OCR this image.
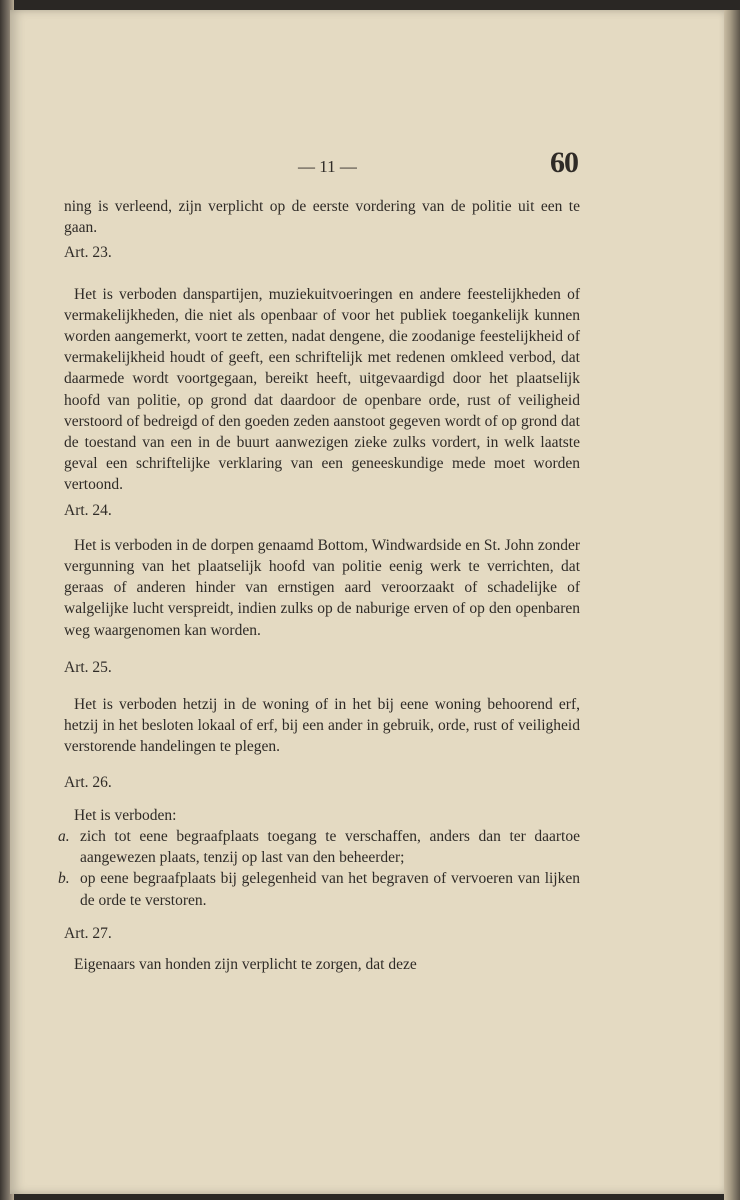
— 11 —	60

ning is verleend, zijn verplicht op de eerste vordering van de politie uit een te gaan.

Art. 23.

Het is verboden danspartijen, muziekuitvoeringen en andere feestelijkheden of vermakelijkheden, die niet als openbaar of voor het publiek toegankelijk kunnen worden aangemerkt, voort te zetten, nadat dengene, die zoodanige feestelijkheid of vermakelijkheid houdt of geeft, een schriftelijk met redenen omkleed verbod, dat daarmede wordt voortgegaan, bereikt heeft, uitgevaardigd door het plaatselijk hoofd van politie, op grond dat daardoor de openbare orde, rust of veiligheid verstoord of bedreigd of den goeden zeden aanstoot gegeven wordt of op grond dat de toestand van een in de buurt aanwezigen zieke zulks vordert, in welk laatste geval een schriftelijke verklaring van een geneeskundige mede moet worden vertoond.

Art. 24.

Het is verboden in de dorpen genaamd Bottom, Windwardside en St. John zonder vergunning van het plaatselijk hoofd van politie eenig werk te verrichten, dat geraas of anderen hinder van ernstigen aard veroorzaakt of schadelijke of walgelijke lucht verspreidt, indien zulks op de naburige erven of op den openbaren weg waargenomen kan worden.

Art. 25.

Het is verboden hetzij in de woning of in het bij eene woning behoorend erf, hetzij in het besloten lokaal of erf, bij een ander in gebruik, orde, rust of veiligheid verstorende handelingen te plegen.

Art. 26.

Het is verboden:

a. zich tot eene begraafplaats toegang te verschaffen, anders dan ter daartoe aangewezen plaats, tenzij op last van den beheerder;

b. op eene begraafplaats bij gelegenheid van het begraven of vervoeren van lijken de orde te verstoren.

Art. 27.

Eigenaars van honden zijn verplicht te zorgen, dat deze
